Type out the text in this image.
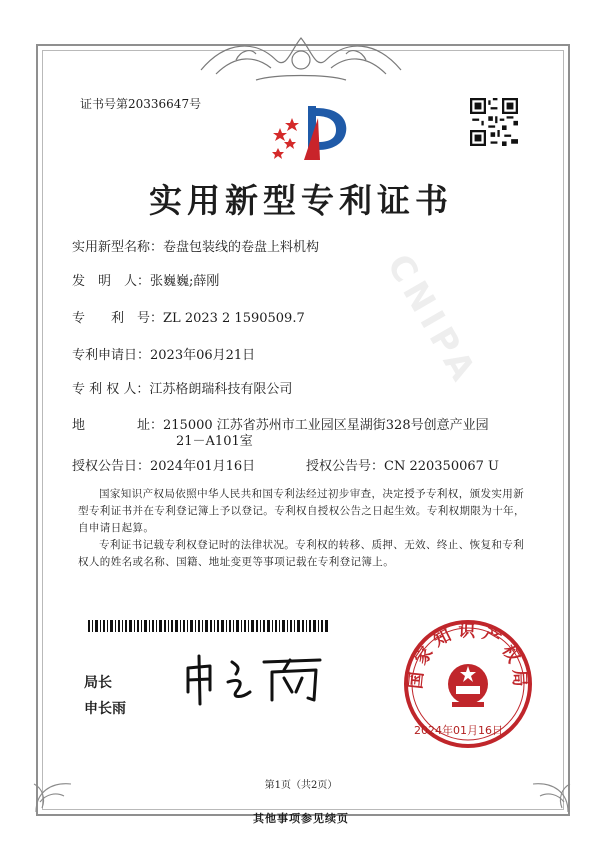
CNIPA
证书号第20336647号
实用新型专利证书
实用新型名称：卷盘包装线的卷盘上料机构
发　明　人：张巍巍;薛刚
专　　利　号：ZL 2023 2 1590509.7
专利申请日：2023年06月21日
专 利 权 人：江苏格朗瑞科技有限公司
地　　　　址：215000 江苏省苏州市工业园区星湖街328号创意产业园
21－A101室
授权公告日：2024年01月16日	授权公告号：CN 220350067 U
国家知识产权局依照中华人民共和国专利法经过初步审查，决定授予专利权，颁发实用新型专利证书并在专利登记簿上予以登记。专利权自授权公告之日起生效。专利权期限为十年，自申请日起算。
专利证书记载专利权登记时的法律状况。专利权的转移、质押、无效、终止、恢复和专利权人的姓名或名称、国籍、地址变更等事项记载在专利登记簿上。
局长
申长雨
国家知识产权局
2024年01月16日
第1页（共2页）
其他事项参见续页
